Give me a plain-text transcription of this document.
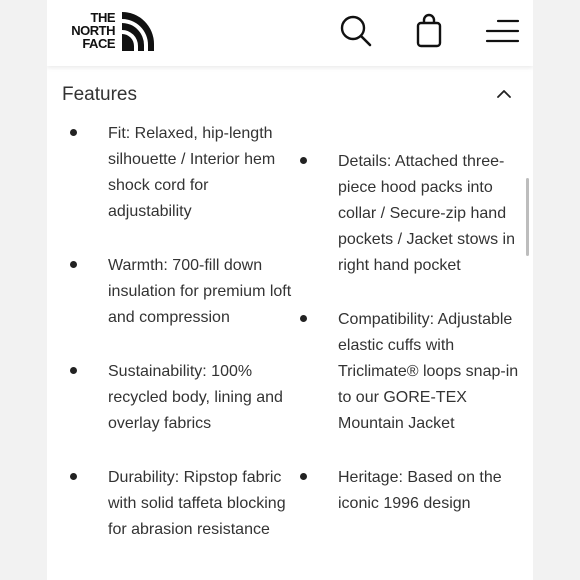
THE
NORTH
FACE
Features
Fit: Relaxed, hip-length silhouette / Interior hem shock cord for adjustability
Warmth: 700-fill down insulation for premium loft and compression
Sustainability: 100% recycled body, lining and overlay fabrics
Durability: Ripstop fabric with solid taffeta blocking for abrasion resistance
Details: Attached three-piece hood packs into collar / Secure-zip hand pockets / Jacket stows in right hand pocket
Compatibility: Adjustable elastic cuffs with Triclimate® loops snap-in to our GORE-TEX Mountain Jacket
Heritage: Based on the iconic 1996 design
